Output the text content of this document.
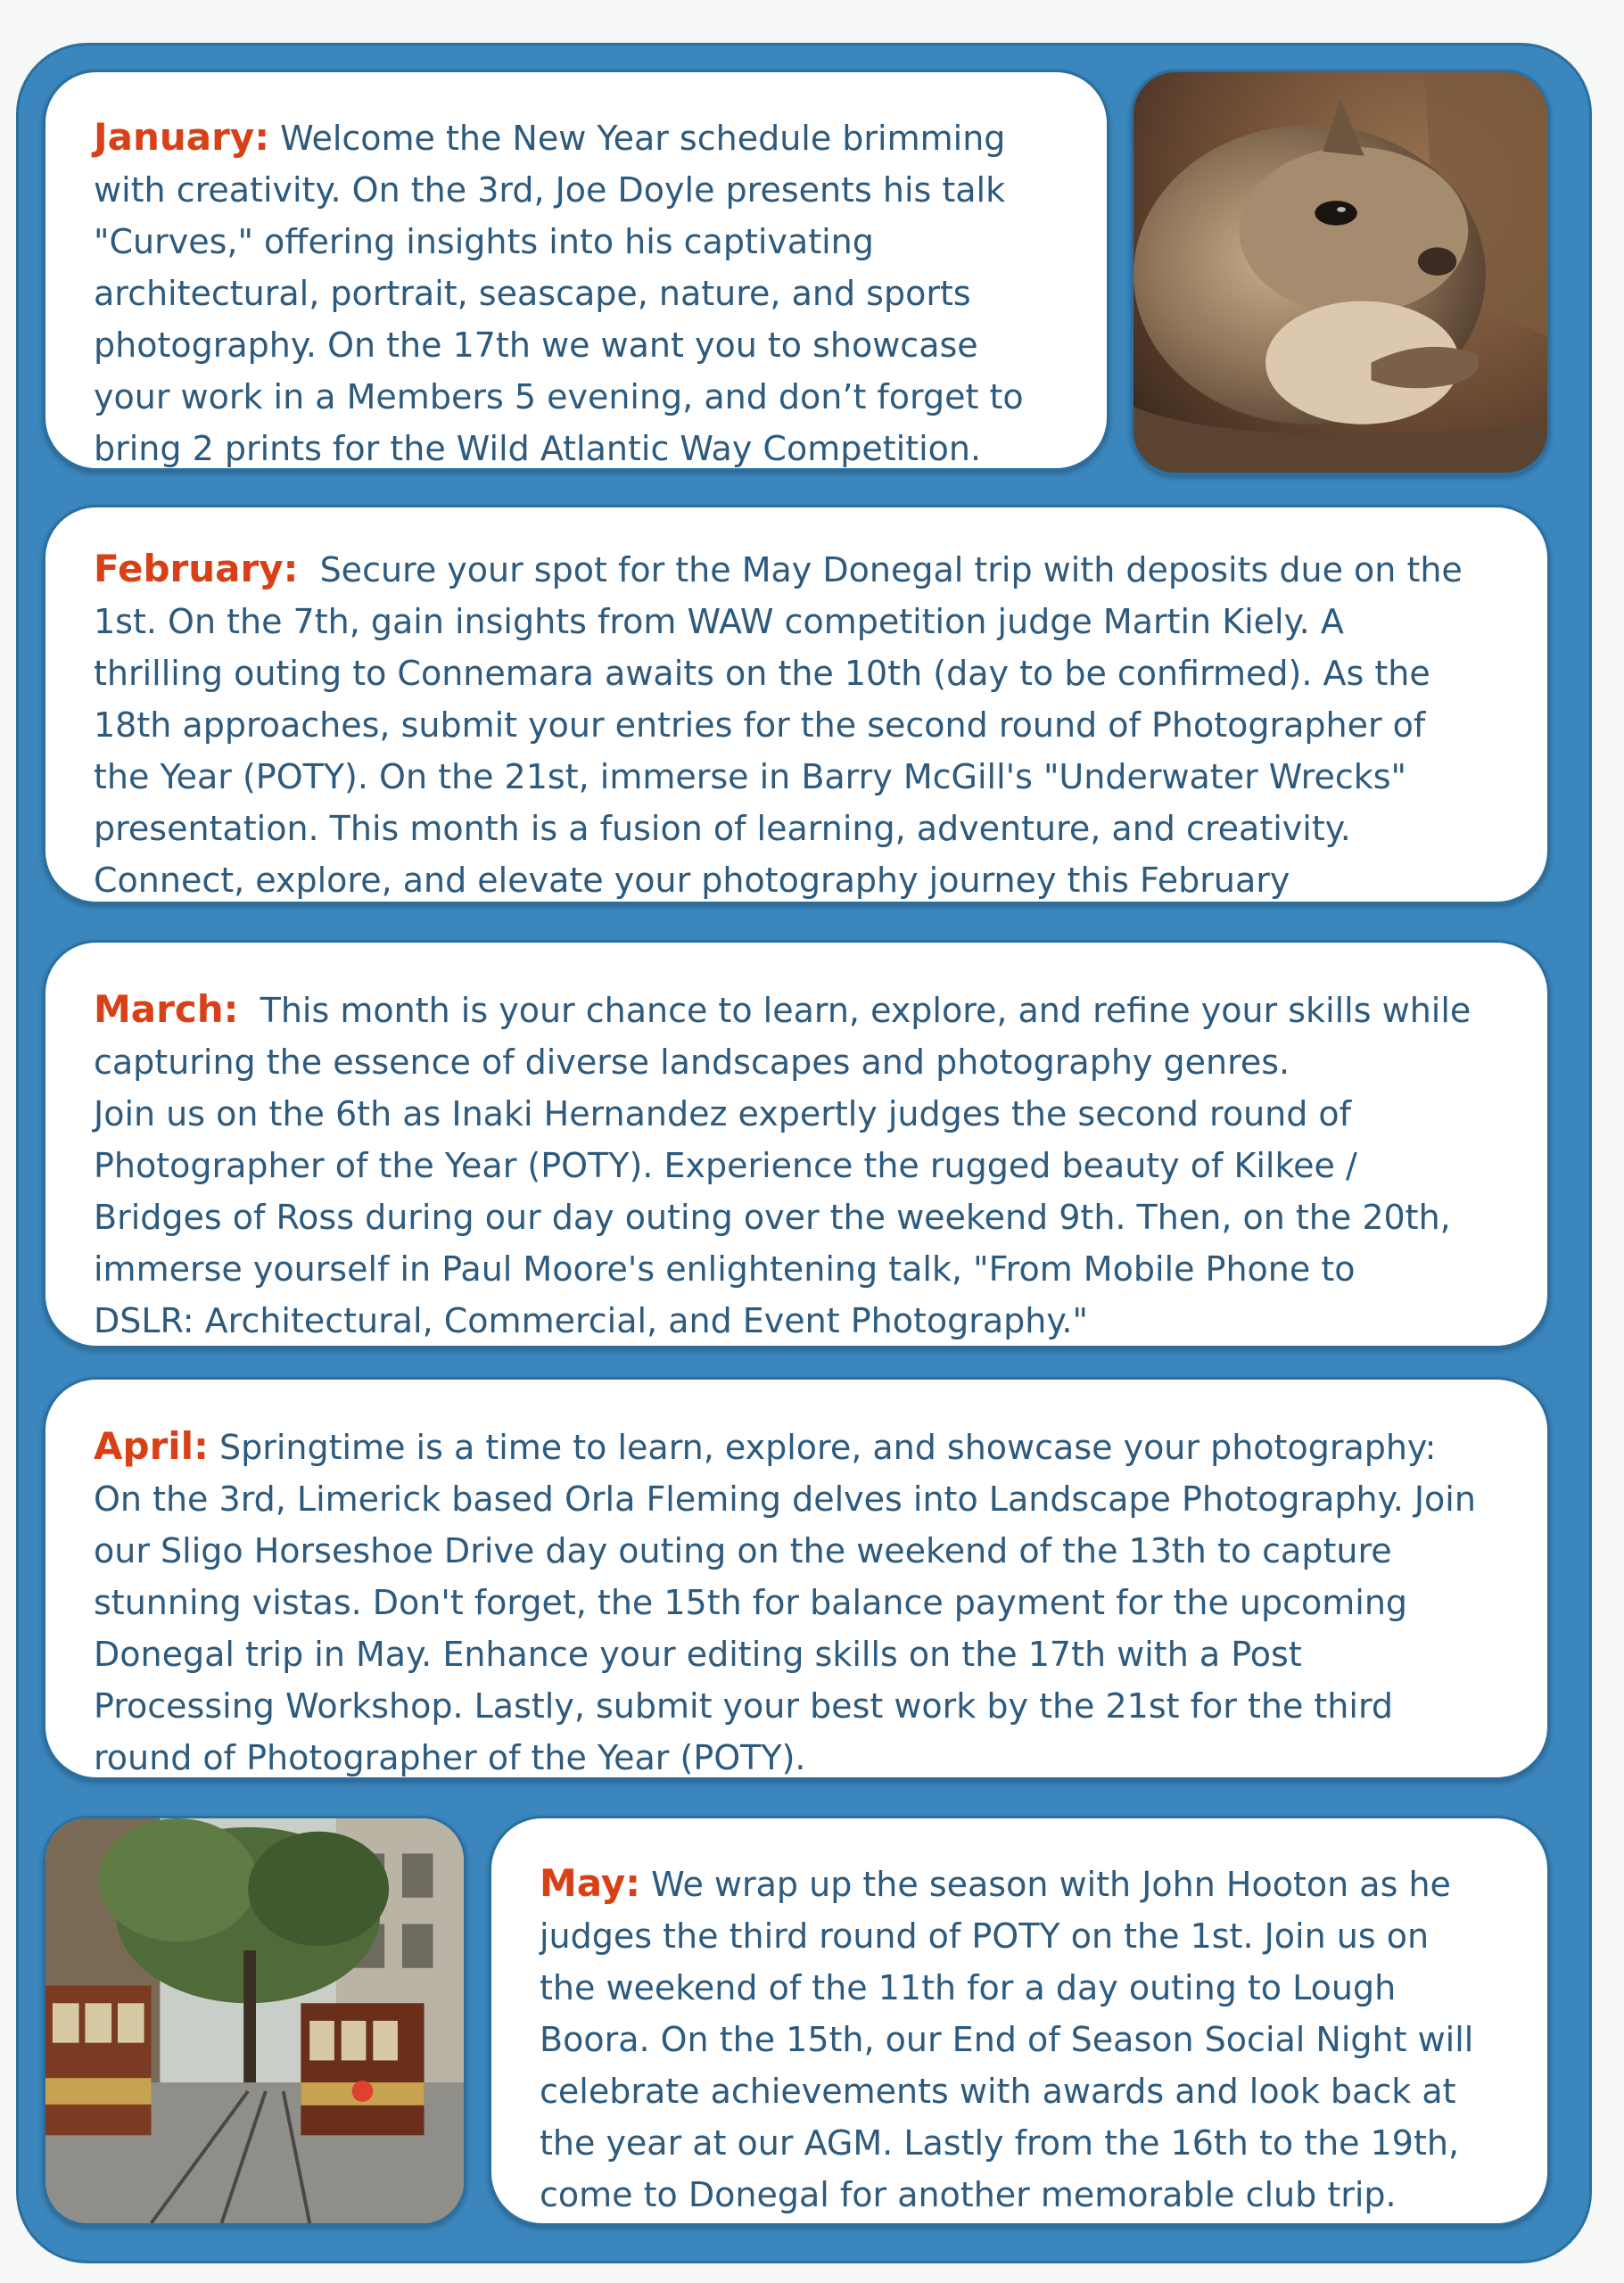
January: Welcome the New Year schedule brimming

with creativity. On the 3rd, Joe Doyle presents his talk

"Curves," offering insights into his captivating

architectural, portrait, seascape, nature, and sports

photography. On the 17th we want you to showcase

your work in a Members 5 evening, and don’t forget to

bring 2 prints for the Wild Atlantic Way Competition.

February: Secure your spot for the May Donegal trip with deposits due on the

1st. On the 7th, gain insights from WAW competition judge Martin Kiely. A

thrilling outing to Connemara awaits on the 10th (day to be confirmed). As the

18th approaches, submit your entries for the second round of Photographer of

the Year (POTY). On the 21st, immerse in Barry McGill's "Underwater Wrecks"

presentation. This month is a fusion of learning, adventure, and creativity.

Connect, explore, and elevate your photography journey this February

March: This month is your chance to learn, explore, and refine your skills while

capturing the essence of diverse landscapes and photography genres.

Join us on the 6th as Inaki Hernandez expertly judges the second round of

Photographer of the Year (POTY). Experience the rugged beauty of Kilkee /

Bridges of Ross during our day outing over the weekend 9th. Then, on the 20th,

immerse yourself in Paul Moore's enlightening talk, "From Mobile Phone to

DSLR: Architectural, Commercial, and Event Photography."

April: Springtime is a time to learn, explore, and showcase your photography:

On the 3rd, Limerick based Orla Fleming delves into Landscape Photography. Join

our Sligo Horseshoe Drive day outing on the weekend of the 13th to capture

stunning vistas. Don't forget, the 15th for balance payment for the upcoming

Donegal trip in May. Enhance your editing skills on the 17th with a Post

Processing Workshop. Lastly, submit your best work by the 21st for the third

round of Photographer of the Year (POTY).

May: We wrap up the season with John Hooton as he

judges the third round of POTY on the 1st. Join us on

the weekend of the 11th for a day outing to Lough

Boora. On the 15th, our End of Season Social Night will

celebrate achievements with awards and look back at

the year at our AGM. Lastly from the 16th to the 19th,

come to Donegal for another memorable club trip.
